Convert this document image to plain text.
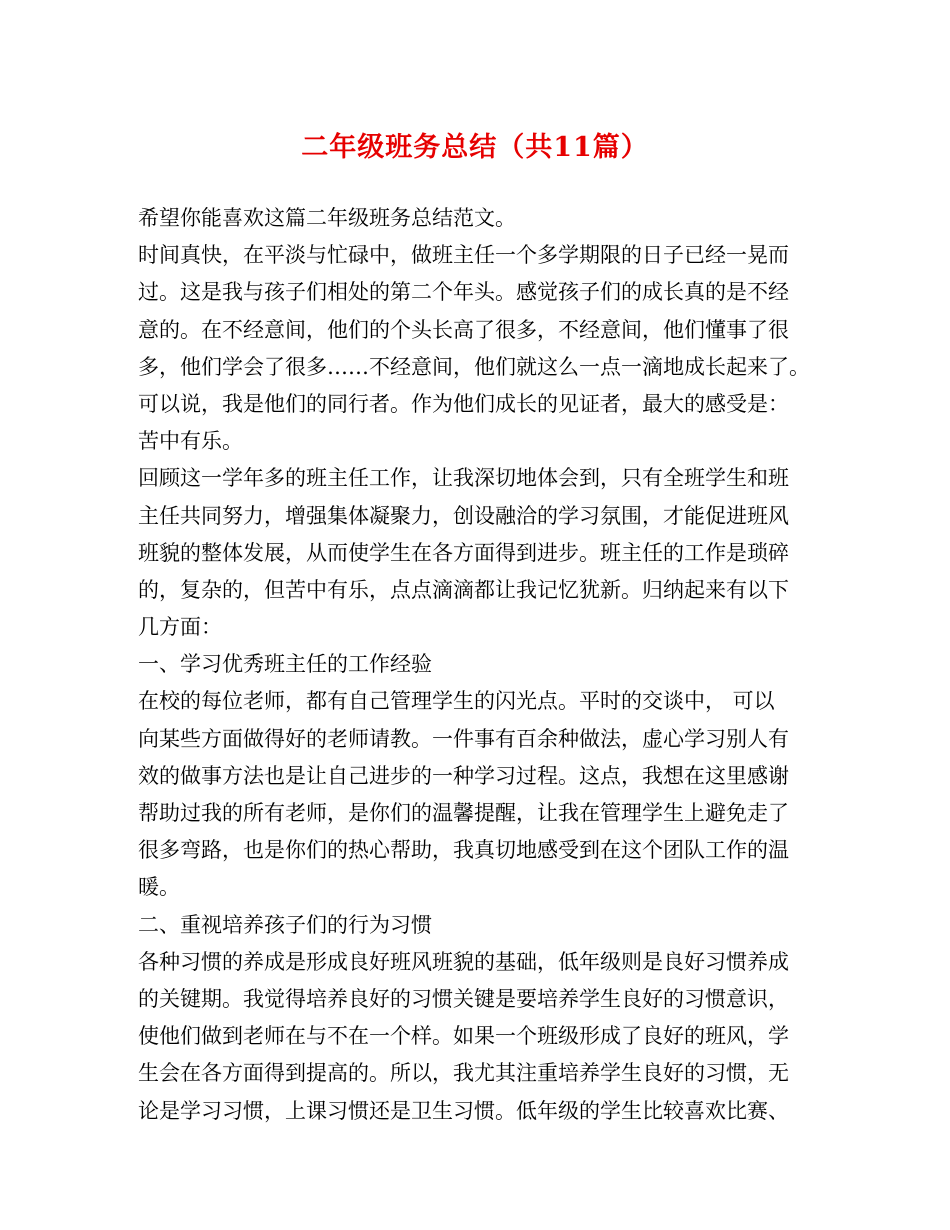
二年级班务总结（共11篇）

希望你能喜欢这篇二年级班务总结范文。

时间真快，在平淡与忙碌中，做班主任一个多学期限的日子已经一晃而

过。这是我与孩子们相处的第二个年头。感觉孩子们的成长真的是不经

意的。在不经意间，他们的个头长高了很多，不经意间，他们懂事了很

多，他们学会了很多……不经意间，他们就这么一点一滴地成长起来了。

可以说，我是他们的同行者。作为他们成长的见证者，最大的感受是：

苦中有乐。

回顾这一学年多的班主任工作，让我深切地体会到，只有全班学生和班

主任共同努力，增强集体凝聚力，创设融洽的学习氛围，才能促进班风

班貌的整体发展，从而使学生在各方面得到进步。班主任的工作是琐碎

的，复杂的，但苦中有乐，点点滴滴都让我记忆犹新。归纳起来有以下

几方面：

一、学习优秀班主任的工作经验

在校的每位老师，都有自己管理学生的闪光点。平时的交谈中， 可以

向某些方面做得好的老师请教。一件事有百余种做法，虚心学习别人有

效的做事方法也是让自己进步的一种学习过程。这点，我想在这里感谢

帮助过我的所有老师，是你们的温馨提醒，让我在管理学生上避免走了

很多弯路，也是你们的热心帮助，我真切地感受到在这个团队工作的温

暖。

二、重视培养孩子们的行为习惯

各种习惯的养成是形成良好班风班貌的基础，低年级则是良好习惯养成

的关键期。我觉得培养良好的习惯关键是要培养学生良好的习惯意识，

使他们做到老师在与不在一个样。如果一个班级形成了良好的班风，学

生会在各方面得到提高的。所以，我尤其注重培养学生良好的习惯，无

论是学习习惯，上课习惯还是卫生习惯。低年级的学生比较喜欢比赛、
